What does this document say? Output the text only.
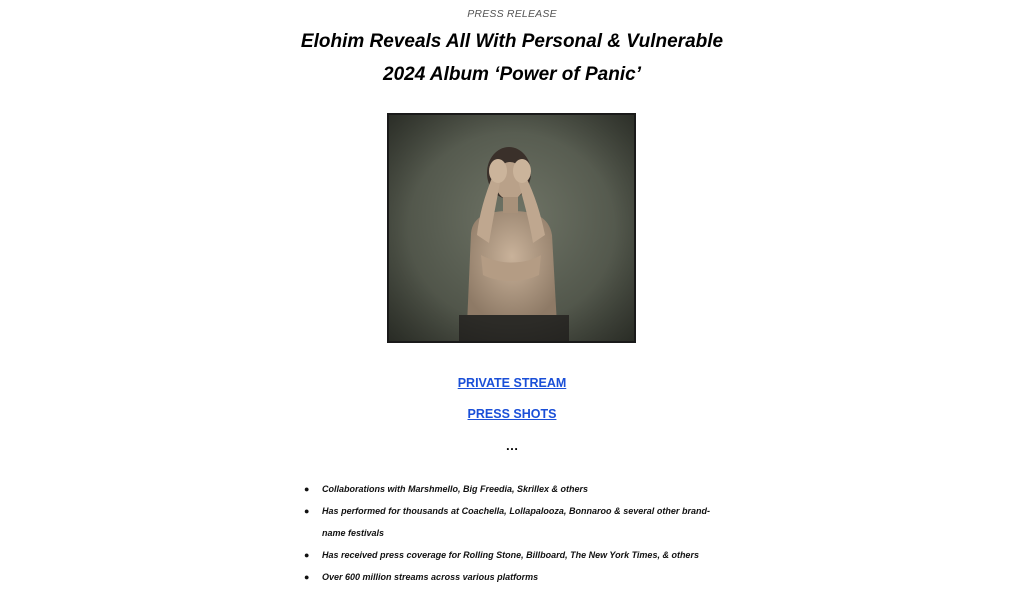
PRESS RELEASE
Elohim Reveals All With Personal & Vulnerable
2024 Album ‘Power of Panic’
PRIVATE STREAM
PRESS SHOTS
…
● Collaborations with Marshmello, Big Freedia, Skrillex & others
● Has performed for thousands at Coachella, Lollapalooza, Bonnaroo & several other brand-name festivals
● Has received press coverage for Rolling Stone, Billboard, The New York Times, & others
● Over 600 million streams across various platforms
